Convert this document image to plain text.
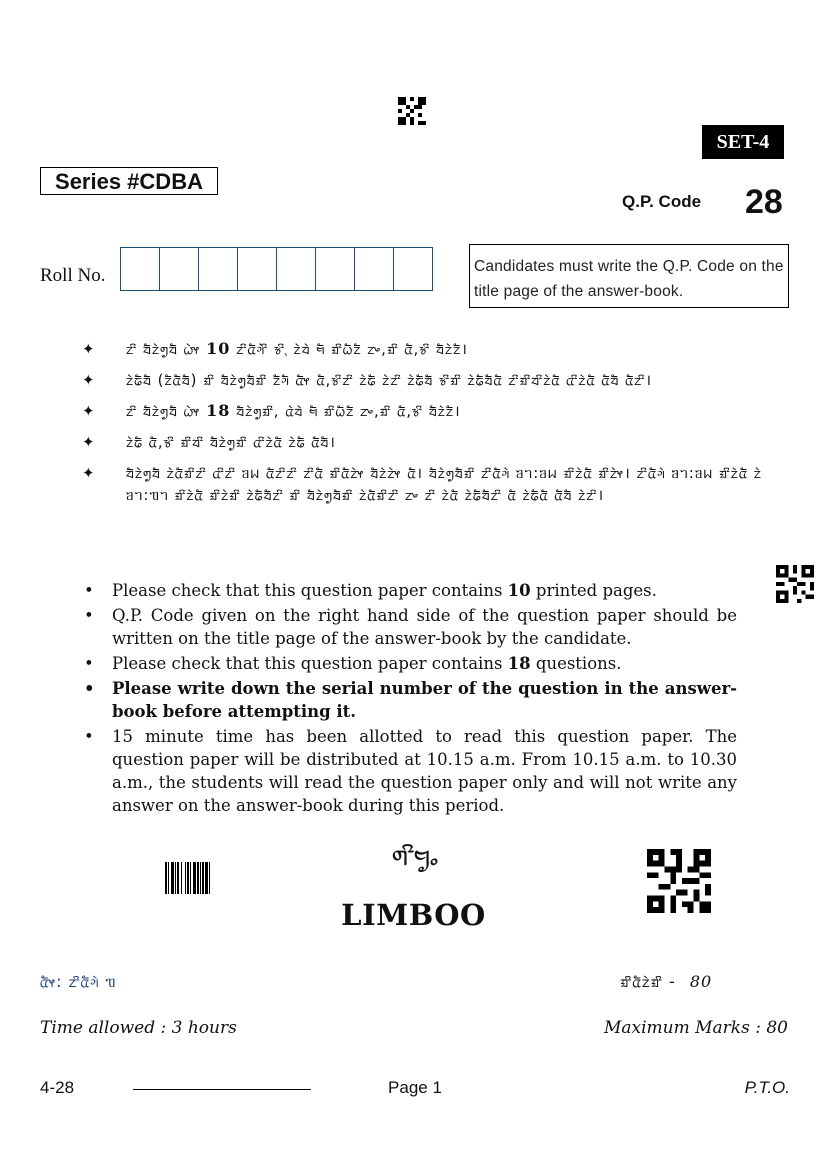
SET-4
Series #CDBA
Q.P. Code 28
Roll No.	Candidates must write the Q.P. Code on the title page of the answer-book.
✦ ᤁᤡ ᤔᤠᤁᤧᤛᤢᤔᤠ ᤐᤧᤶ 10 ᤁᤡᤂᤠᤆᤧᤡ ᤃᤡᤷ ᤁᤧᤔᤧ ᤗᤠ ᤀᤡᤐᤠᤁᤠ ᤁᤴ,ᤀᤡ ᤂᤠ,ᤃᤡ ᤔᤠᤁᤧᤁᤠ।
✦ ᤁᤧᤒᤠᤔᤠ (ᤁᤠᤂᤠᤔᤠ) ᤀᤡ ᤔᤠᤁᤧᤛᤢᤔᤠᤀᤡ ᤁᤠᤆᤠ ᤂᤠᤶ ᤂᤠ,ᤃᤡᤁᤡ ᤁᤧᤒᤠ ᤁᤧᤁᤡ ᤁᤧᤒᤠᤔᤠ ᤃᤡᤀᤡ ᤁᤧᤒᤠᤔᤠᤂᤠ ᤁᤡᤀᤡᤔᤡᤁᤧᤂᤠ ᤂᤡᤁᤧᤂᤠ ᤂᤠᤔᤠ ᤂᤠᤁᤡ।
✦ ᤁᤡ ᤔᤠᤁᤧᤛᤢᤔᤠ ᤐᤧᤶ 18 ᤔᤠᤁᤧᤛᤢᤀᤡ, ᤂᤧᤔᤧ ᤗᤠ ᤀᤡᤐᤠᤁᤠ ᤁᤴ,ᤀᤡ ᤂᤠ,ᤃᤡ ᤔᤠᤁᤧᤁᤠ।
✦ ᤁᤧᤒᤠ ᤂᤠ,ᤃᤡ ᤀᤡᤔᤡ ᤔᤠᤁᤧᤛᤢᤀᤡ ᤂᤡᤁᤧᤂᤠ ᤁᤧᤒᤠ ᤂᤠᤔᤠ।
✦ ᤔᤠᤁᤧᤛᤢᤔᤠ ᤁᤧᤂᤠᤀᤡᤁᤡ ᤂᤡᤁᤡ ᥑᥕ ᤂᤠᤁᤡᤁᤡ ᤁᤡᤂᤠ ᤀᤡᤂᤠᤁᤧᤶ ᤔᤠᤁᤧᤁᤧᤶ ᤂᤠ। ᤔᤠᤁᤧᤛᤢᤔᤠᤀᤡ ᤁᤡᤂᤠᤆᤧ ᥑᥐ:ᥑᥕ ᤀᤡᤁᤧᤂᤠ ᤀᤡᤁᤧᤶ। ᤁᤡᤂᤠᤆᤧ ᥑᥐ:ᥑᥕ ᤀᤡᤁᤧᤂᤠ ᤁᤧ ᥑᥐ:ᥓᥐ ᤀᤡᤁᤧᤂᤠ ᤀᤡᤁᤧᤀᤡ ᤁᤧᤒᤠᤔᤠᤁᤡ ᤀᤡ ᤔᤠᤁᤧᤛᤢᤔᤠᤀᤡ ᤁᤧᤂᤠᤀᤡᤁᤡ ᤁᤴ ᤁᤡ ᤁᤧᤂᤠ ᤁᤧᤒᤠᤔᤠᤁᤡ ᤂᤠ ᤁᤧᤒᤠᤂᤠ ᤂᤠᤔᤠ ᤁᤧᤁᤡ।
• Please check that this question paper contains 10 printed pages.
• Q.P. Code given on the right hand side of the question paper should be written on the title page of the answer-book by the candidate.
• Please check that this question paper contains 18 questions.
• Please write down the serial number of the question in the answer-book before attempting it.
• 15 minute time has been allotted to read this question paper. The question paper will be distributed at 10.15 a.m. From 10.15 a.m. to 10.30 a.m., the students will read the question paper only and will not write any answer on the answer-book during this period.
ᤛᤡᤗᤢᤱ
LIMBOO
ᤂᤠᤶ: ᤁᤡᤂᤠᤆᤧ ᥓ	ᤀᤡᤂᤠᤁᤧᤀᤡ - 80
Time allowed : 3 hours	Maximum Marks : 80
4-28	Page 1	P.T.O.
